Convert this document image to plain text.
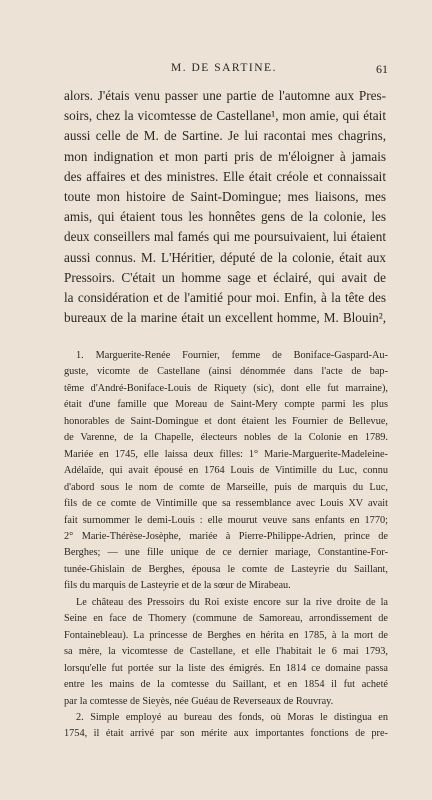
M. DE SARTINE.	61
alors. J'étais venu passer une partie de l'automne aux Pres-
soirs, chez la vicomtesse de Castellane¹, mon amie, qui était
aussi celle de M. de Sartine. Je lui racontai mes chagrins,
mon indignation et mon parti pris de m'éloigner à jamais
des affaires et des ministres. Elle était créole et connaissait
toute mon histoire de Saint-Domingue; mes liaisons, mes
amis, qui étaient tous les honnêtes gens de la colonie, les
deux conseillers mal famés qui me poursuivaient, lui étaient
aussi connus. M. L'Héritier, député de la colonie, était aux
Pressoirs. C'était un homme sage et éclairé, qui avait de
la considération et de l'amitié pour moi. Enfin, à la tête des
bureaux de la marine était un excellent homme, M. Blouin²,
1. Marguerite-Renée Fournier, femme de Boniface-Gaspard-Au-
guste, vicomte de Castellane (ainsi dénommée dans l'acte de bap-
tême d'André-Boniface-Louis de Riquety (sic), dont elle fut marraine),
était d'une famille que Moreau de Saint-Mery compte parmi les plus
honorables de Saint-Domingue et dont étaient les Fournier de Bellevue,
de Varenne, de la Chapelle, électeurs nobles de la Colonie en 1789.
Mariée en 1745, elle laissa deux filles: 1° Marie-Marguerite-Madeleine-
Adélaïde, qui avait épousé en 1764 Louis de Vintimille du Luc, connu
d'abord sous le nom de comte de Marseille, puis de marquis du Luc,
fils de ce comte de Vintimille que sa ressemblance avec Louis XV avait
fait surnommer le demi-Louis : elle mourut veuve sans enfants en 1770;
2° Marie-Thérèse-Josèphe, mariée à Pierre-Philippe-Adrien, prince de
Berghes; — une fille unique de ce dernier mariage, Constantine-For-
tunée-Ghislain de Berghes, épousa le comte de Lasteyrie du Saillant,
fils du marquis de Lasteyrie et de la sœur de Mirabeau.
Le château des Pressoirs du Roi existe encore sur la rive droite de la
Seine en face de Thomery (commune de Samoreau, arrondissement de
Fontainebleau). La princesse de Berghes en hérita en 1785, à la mort de
sa mère, la vicomtesse de Castellane, et elle l'habitait le 6 mai 1793,
lorsqu'elle fut portée sur la liste des émigrés. En 1814 ce domaine passa
entre les mains de la comtesse du Saillant, et en 1854 il fut acheté
par la comtesse de Sieyès, née Guéau de Reverseaux de Rouvray.
2. Simple employé au bureau des fonds, où Moras le distingua en
1754, il était arrivé par son mérite aux importantes fonctions de pre-
